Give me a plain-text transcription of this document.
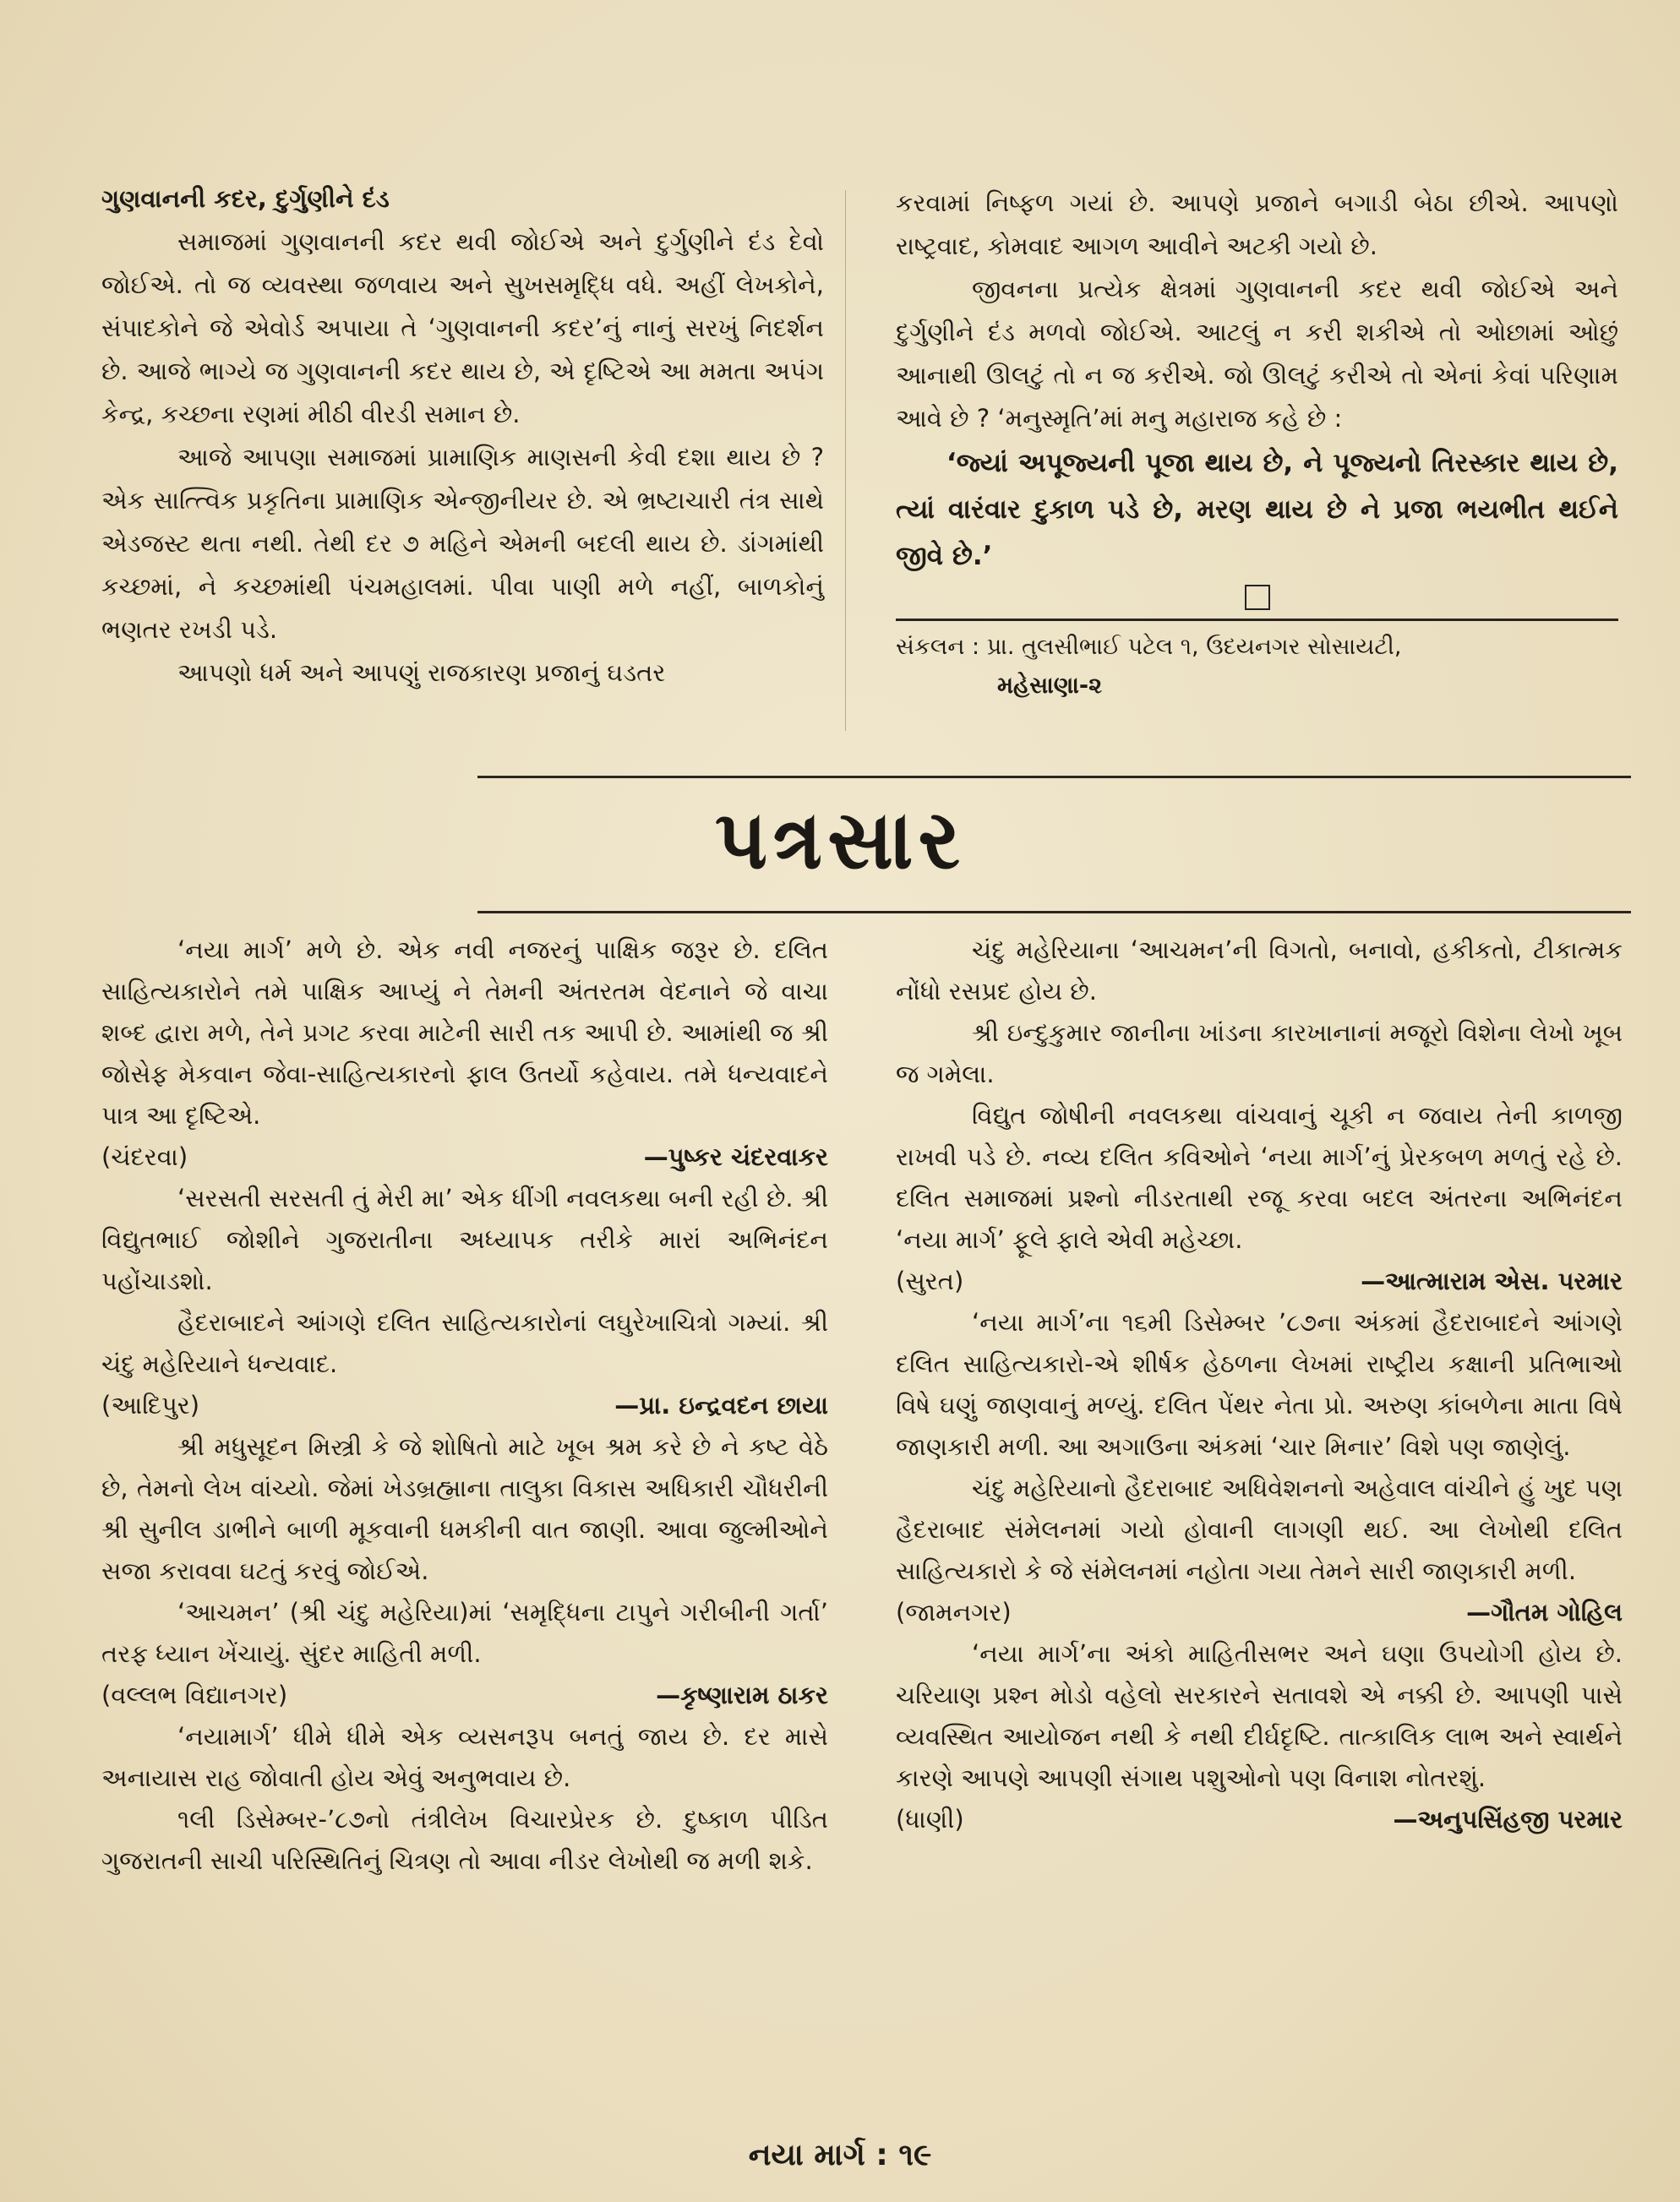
ગુણવાનની કદર, દુર્ગુણીને દંડ

સમાજમાં ગુણવાનની કદર થવી જોઈએ અને દુર્ગુણીને દંડ દેવો જોઈએ. તો જ વ્યવસ્થા જળવાય અને સુખસમૃદ્ધિ વધે. અહીં લેખકોને, સંપાદકોને જે એવોર્ડ અપાયા તે ‘ગુણવાનની કદર’નું નાનું સરખું નિદર્શન છે. આજે ભાગ્યે જ ગુણવાનની કદર થાય છે, એ દૃષ્ટિએ આ મમતા અપંગ કેન્દ્ર, કચ્છના રણમાં મીઠી વીરડી સમાન છે.

આજે આપણા સમાજમાં પ્રામાણિક માણસની કેવી દશા થાય છે ? એક સાત્ત્વિક પ્રકૃતિના પ્રામાણિક એન્જીનીયર છે. એ ભ્રષ્ટાચારી તંત્ર સાથે એડજસ્ટ થતા નથી. તેથી દર ૭ મહિને એમની બદલી થાય છે. ડાંગમાંથી કચ્છમાં, ને કચ્છમાંથી પંચમહાલમાં. પીવા પાણી મળે નહીં, બાળકોનું ભણતર રખડી પડે.

આપણો ધર્મ અને આપણું રાજકારણ પ્રજાનું ઘડતર

કરવામાં નિષ્ફળ ગયાં છે. આપણે પ્રજાને બગાડી બેઠા છીએ. આપણો રાષ્ટ્રવાદ, કોમવાદ આગળ આવીને અટકી ગયો છે.

જીવનના પ્રત્યેક ક્ષેત્રમાં ગુણવાનની કદર થવી જોઈએ અને દુર્ગુણીને દંડ મળવો જોઈએ. આટલું ન કરી શકીએ તો ઓછામાં ઓછું આનાથી ઊલટું તો ન જ કરીએ. જો ઊલટું કરીએ તો એનાં કેવાં પરિણામ આવે છે ? ‘મનુસ્મૃતિ’માં મનુ મહારાજ કહે છે :

‘જ્યાં અપૂજ્યની પૂજા થાય છે, ને પૂજ્યનો તિરસ્કાર થાય છે, ત્યાં વારંવાર દુકાળ પડે છે, મરણ થાય છે ને પ્રજા ભયભીત થઈને જીવે છે.’

સંકલન : પ્રા. તુલસીભાઈ પટેલ ૧, ઉદયનગર સોસાયટી,
મહેસાણા-૨
પત્રસાર

‘નયા માર્ગ’ મળે છે. એક નવી નજરનું પાક્ષિક જરૂર છે. દલિત સાહિત્યકારોને તમે પાક્ષિક આપ્યું ને તેમની અંતરતમ વેદનાને જે વાચા શબ્દ દ્વારા મળે, તેને પ્રગટ કરવા માટેની સારી તક આપી છે. આમાંથી જ શ્રી જોસેફ મેકવાન જેવા-સાહિત્યકારનો ફાલ ઉતર્યો કહેવાય. તમે ધન્યવાદને પાત્ર આ દૃષ્ટિએ.

(ચંદરવા)	—પુષ્કર ચંદરવાકર

‘સરસતી સરસતી તું મેરી મા’ એક ધીંગી નવલકથા બની રહી છે. શ્રી વિદ્યુતભાઈ જોશીને ગુજરાતીના અધ્યાપક તરીકે મારાં અભિનંદન પહોંચાડશો.

હૈદરાબાદને આંગણે દલિત સાહિત્યકારોનાં લઘુરેખાચિત્રો ગમ્યાં. શ્રી ચંદુ મહેરિયાને ધન્યવાદ.

(આદિપુર)	—પ્રા. ઇન્દ્રવદન છાયા

શ્રી મધુસૂદન મિસ્ત્રી કે જે શોષિતો માટે ખૂબ શ્રમ કરે છે ને કષ્ટ વેઠે છે, તેમનો લેખ વાંચ્યો. જેમાં ખેડબ્રહ્માના તાલુકા વિકાસ અધિકારી ચૌધરીની શ્રી સુનીલ ડાભીને બાળી મૂકવાની ધમકીની વાત જાણી. આવા જુલ્મીઓને સજા કરાવવા ઘટતું કરવું જોઈએ.

‘આચમન’ (શ્રી ચંદુ મહેરિયા)માં ‘સમૃદ્ધિના ટાપુને ગરીબીની ગર્તા’ તરફ ધ્યાન ખેંચાયું. સુંદર માહિતી મળી.

(વલ્લભ વિદ્યાનગર)	—કૃષ્ણારામ ઠાકર

‘નયામાર્ગ’ ધીમે ધીમે એક વ્યસનરૂપ બનતું જાય છે. દર માસે અનાયાસ રાહ જોવાતી હોય એવું અનુભવાય છે.

૧લી ડિસેમ્બર-’૮૭નો તંત્રીલેખ વિચારપ્રેરક છે. દુષ્કાળ પીડિત ગુજરાતની સાચી પરિસ્થિતિનું ચિત્રણ તો આવા નીડર લેખોથી જ મળી શકે.

ચંદુ મહેરિયાના ‘આચમન’ની વિગતો, બનાવો, હકીકતો, ટીકાત્મક નોંધો રસપ્રદ હોય છે.

શ્રી ઇન્દુકુમાર જાનીના ખાંડના કારખાનાનાં મજૂરો વિશેના લેખો ખૂબ જ ગમેલા.

વિદ્યુત જોષીની નવલકથા વાંચવાનું ચૂકી ન જવાય તેની કાળજી રાખવી પડે છે. નવ્ય દલિત કવિઓને ‘નયા માર્ગ’નું પ્રેરકબળ મળતું રહે છે. દલિત સમાજમાં પ્રશ્નો નીડરતાથી રજૂ કરવા બદલ અંતરના અભિનંદન ‘નયા માર્ગ’ ફૂલે ફાલે એવી મહેચ્છા.

(સુરત)	—આત્મારામ એસ. પરમાર

‘નયા માર્ગ’ના ૧૬મી ડિસેમ્બર ’૮૭ના અંકમાં હૈદરાબાદને આંગણે દલિત સાહિત્યકારો-એ શીર્ષક હેઠળના લેખમાં રાષ્ટ્રીય કક્ષાની પ્રતિભાઓ વિષે ઘણું જાણવાનું મળ્યું. દલિત પેંથર નેતા પ્રો. અરુણ કાંબળેના માતા વિષે જાણકારી મળી. આ અગાઉના અંકમાં ‘ચાર મિનાર’ વિશે પણ જાણેલું.

ચંદુ મહેરિયાનો હૈદરાબાદ અધિવેશનનો અહેવાલ વાંચીને હું ખુદ પણ હૈદરાબાદ સંમેલનમાં ગયો હોવાની લાગણી થઈ. આ લેખોથી દલિત સાહિત્યકારો કે જે સંમેલનમાં નહોતા ગયા તેમને સારી જાણકારી મળી.

(જામનગર)	—ગૌતમ ગોહિલ

‘નયા માર્ગ’ના અંકો માહિતીસભર અને ઘણા ઉપયોગી હોય છે. ચરિયાણ પ્રશ્ન મોડો વહેલો સરકારને સતાવશે એ નક્કી છે. આપણી પાસે વ્યવસ્થિત આયોજન નથી કે નથી દીર્ઘદૃષ્ટિ. તાત્કાલિક લાભ અને સ્વાર્થને કારણે આપણે આપણી સંગાથ પશુઓનો પણ વિનાશ નોતરશું.

(ધાણી)	—અનુપસિંહજી પરમાર
નયા માર્ગ : ૧૯
